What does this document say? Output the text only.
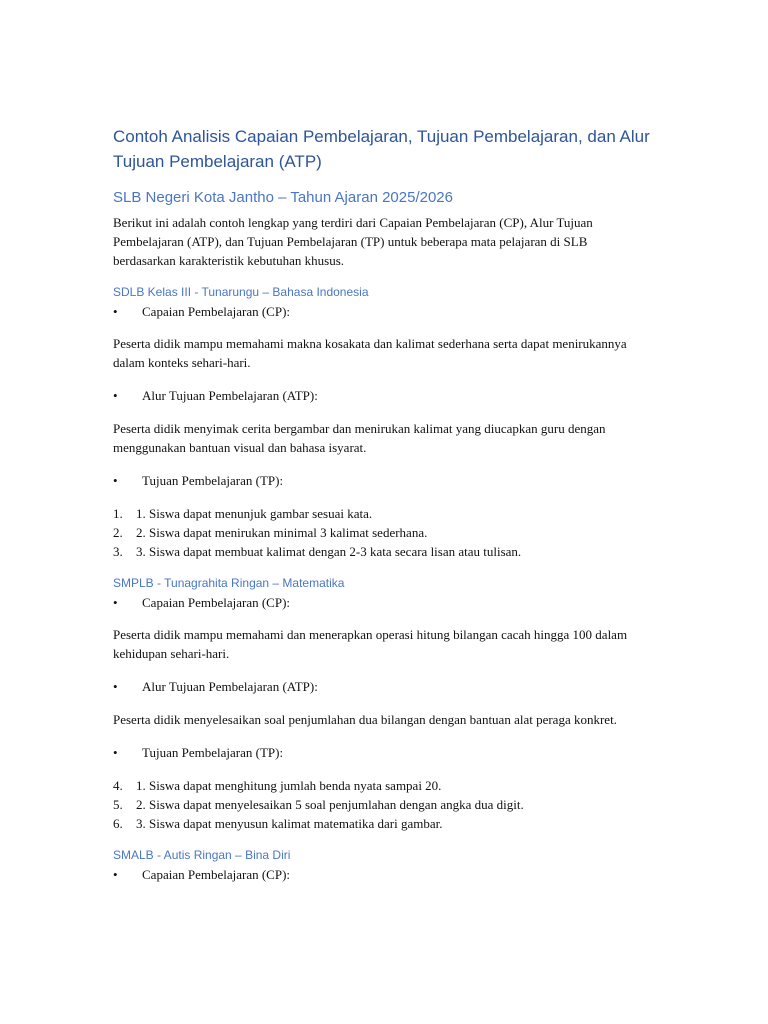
Contoh Analisis Capaian Pembelajaran, Tujuan Pembelajaran, dan Alur Tujuan Pembelajaran (ATP)
SLB Negeri Kota Jantho – Tahun Ajaran 2025/2026

Berikut ini adalah contoh lengkap yang terdiri dari Capaian Pembelajaran (CP), Alur Tujuan Pembelajaran (ATP), dan Tujuan Pembelajaran (TP) untuk beberapa mata pelajaran di SLB berdasarkan karakteristik kebutuhan khusus.

SDLB Kelas III - Tunarungu – Bahasa Indonesia
•	Capaian Pembelajaran (CP):

Peserta didik mampu memahami makna kosakata dan kalimat sederhana serta dapat menirukannya dalam konteks sehari-hari.

•	Alur Tujuan Pembelajaran (ATP):

Peserta didik menyimak cerita bergambar dan menirukan kalimat yang diucapkan guru dengan menggunakan bantuan visual dan bahasa isyarat.

•	Tujuan Pembelajaran (TP):
1.	1. Siswa dapat menunjuk gambar sesuai kata.
2.	2. Siswa dapat menirukan minimal 3 kalimat sederhana.
3.	3. Siswa dapat membuat kalimat dengan 2-3 kata secara lisan atau tulisan.
SMPLB - Tunagrahita Ringan – Matematika
•	Capaian Pembelajaran (CP):

Peserta didik mampu memahami dan menerapkan operasi hitung bilangan cacah hingga 100 dalam kehidupan sehari-hari.

•	Alur Tujuan Pembelajaran (ATP):

Peserta didik menyelesaikan soal penjumlahan dua bilangan dengan bantuan alat peraga konkret.

•	Tujuan Pembelajaran (TP):
4.	1. Siswa dapat menghitung jumlah benda nyata sampai 20.
5.	2. Siswa dapat menyelesaikan 5 soal penjumlahan dengan angka dua digit.
6.	3. Siswa dapat menyusun kalimat matematika dari gambar.
SMALB - Autis Ringan – Bina Diri
•	Capaian Pembelajaran (CP):
